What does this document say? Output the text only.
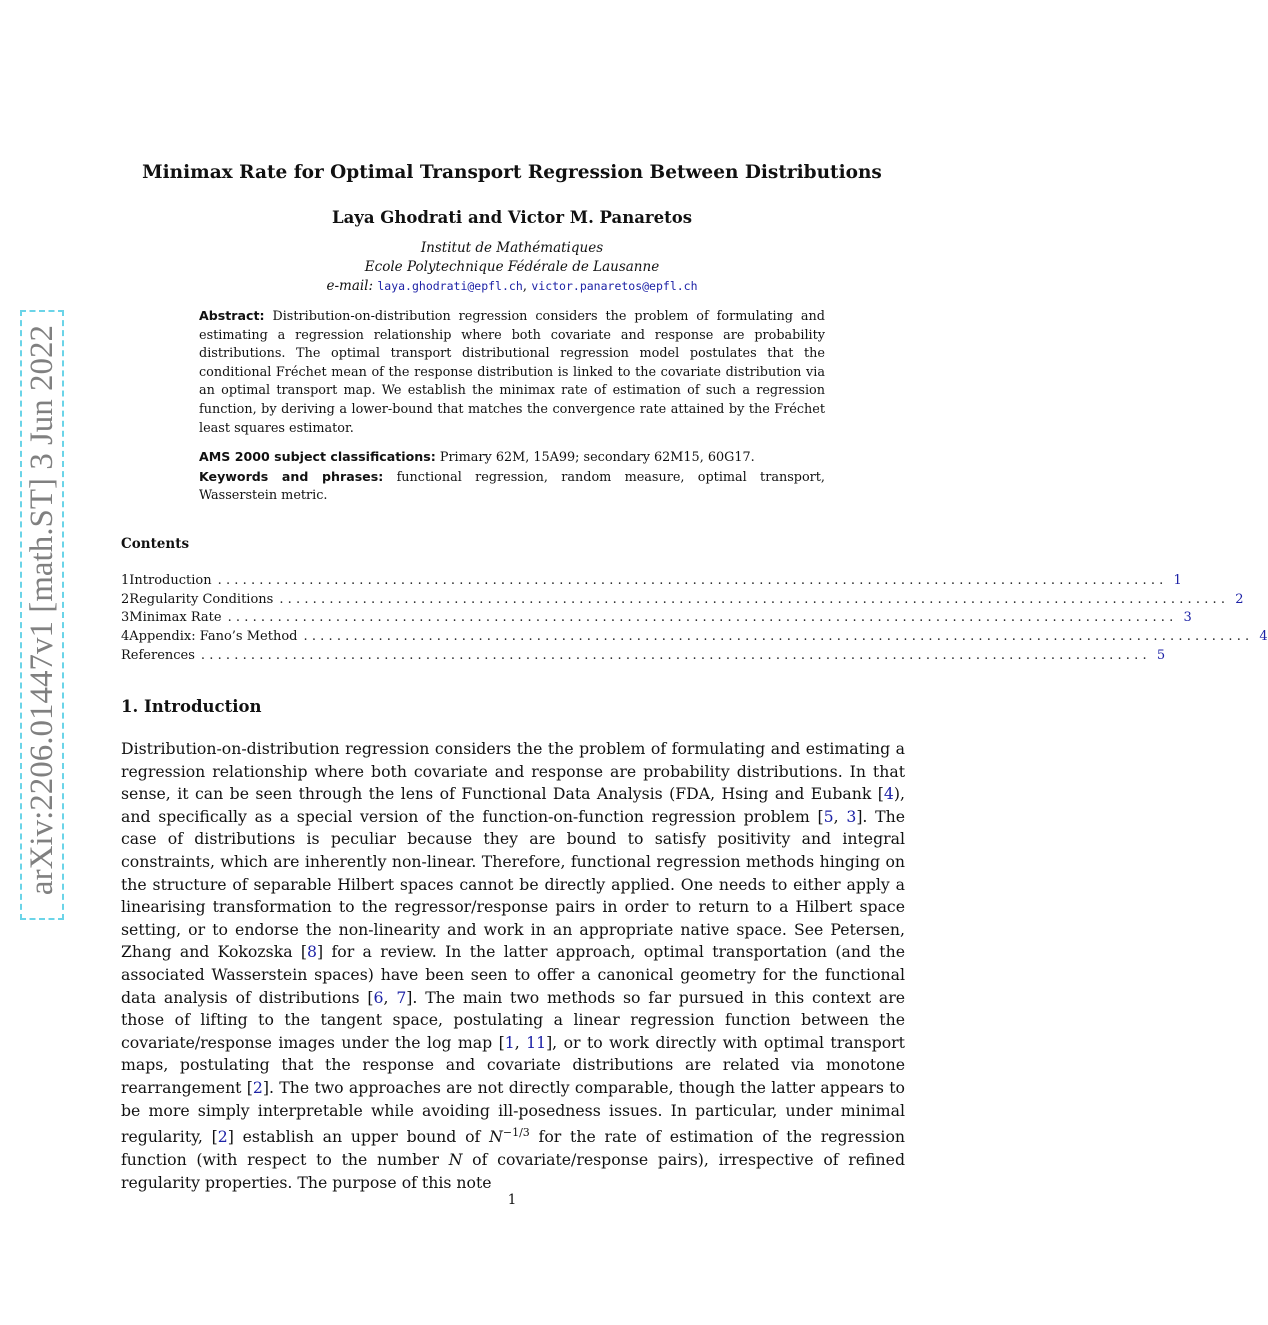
arXiv:2206.01447v1 [math.ST] 3 Jun 2022
Minimax Rate for Optimal Transport Regression Between Distributions
Laya Ghodrati and Victor M. Panaretos
Institut de Mathématiques
Ecole Polytechnique Fédérale de Lausanne
e-mail: laya.ghodrati@epfl.ch, victor.panaretos@epfl.ch
Abstract: Distribution-on-distribution regression considers the problem of formulating and estimating a regression relationship where both covariate and response are probability distributions. The optimal transport distributional regression model postulates that the conditional Fréchet mean of the response distribution is linked to the covariate distribution via an optimal transport map. We establish the minimax rate of estimation of such a regression function, by deriving a lower-bound that matches the convergence rate attained by the Fréchet least squares estimator.
AMS 2000 subject classifications: Primary 62M, 15A99; secondary 62M15, 60G17.
Keywords and phrases: functional regression, random measure, optimal transport, Wasserstein metric.
Contents
1 Introduction .................................................................................................................. 1
2 Regularity Conditions .................................................................................................................. 2
3 Minimax Rate .................................................................................................................. 3
4 Appendix: Fano’s Method .................................................................................................................. 4
References .................................................................................................................. 5
1. Introduction
Distribution-on-distribution regression considers the the problem of formulating and estimating a regression relationship where both covariate and response are probability distributions. In that sense, it can be seen through the lens of Functional Data Analysis (FDA, Hsing and Eubank [4), and specifically as a special version of the function-on-function regression problem [5, 3]. The case of distributions is peculiar because they are bound to satisfy positivity and integral constraints, which are inherently non-linear. Therefore, functional regression methods hinging on the structure of separable Hilbert spaces cannot be directly applied. One needs to either apply a linearising transformation to the regressor/response pairs in order to return to a Hilbert space setting, or to endorse the non-linearity and work in an appropriate native space. See Petersen, Zhang and Kokozska [8] for a review. In the latter approach, optimal transportation (and the associated Wasserstein spaces) have been seen to offer a canonical geometry for the functional data analysis of distributions [6, 7]. The main two methods so far pursued in this context are those of lifting to the tangent space, postulating a linear regression function between the covariate/response images under the log map [1, 11], or to work directly with optimal transport maps, postulating that the response and covariate distributions are related via monotone rearrangement [2]. The two approaches are not directly comparable, though the latter appears to be more simply interpretable while avoiding ill-posedness issues. In particular, under minimal regularity, [2] establish an upper bound of $N^{-1/3}$ for the rate of estimation of the regression function (with respect to the number N of covariate/response pairs), irrespective of refined regularity properties. The purpose of this note
1
